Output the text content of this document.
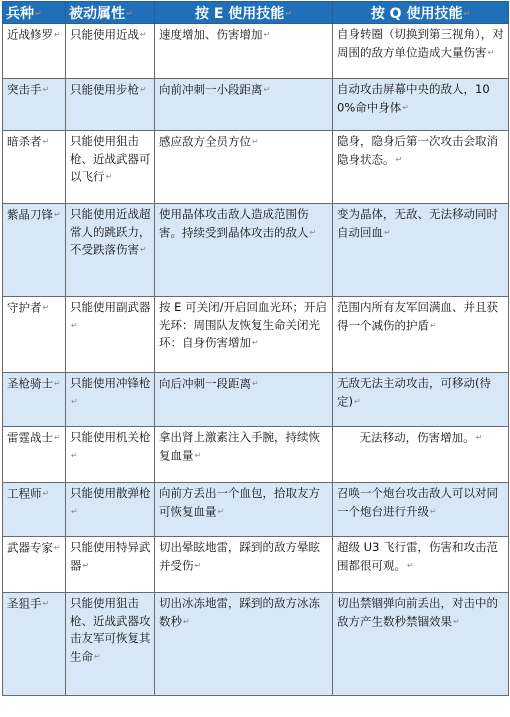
兵种↵	被动属性↵	按 E 使用技能↵	按 Q 使用技能↵
近战修罗↵	只能使用近战↵	速度增加、伤害增加↵	自身转圈（切换到第三视角），对周围的敌方单位造成大量伤害↵
突击手↵	只能使用步枪↵	向前冲刺一小段距离↵	自动攻击屏幕中央的敌人，100%命中身体↵
暗杀者↵	只能使用狙击枪、近战武器可以飞行↵	感应敌方全员方位↵	隐身，隐身后第一次攻击会取消隐身状态。↵
紫晶刀锋↵	只能使用近战超常人的跳跃力，不受跌落伤害↵	使用晶体攻击敌人造成范围伤害。持续受到晶体攻击的敌人↵	变为晶体，无敌、无法移动同时自动回血↵
守护者↵	只能使用副武器↵	按 E 可关闭/开启回血光环；开启光环：周围队友恢复生命关闭光环：自身伤害增加↵	范围内所有友军回满血、并且获得一个减伤的护盾↵
圣枪骑士↵	只能使用冲锋枪↵	向后冲刺一段距离↵	无敌无法主动攻击，可移动(待定)↵
雷霆战士↵	只能使用机关枪↵	拿出肾上激素注入手腕，持续恢复血量↵	无法移动，伤害增加。↵
工程师↵	只能使用散弹枪↵	向前方丢出一个血包，拾取友方可恢复血量↵	召唤一个炮台攻击敌人可以对同一个炮台进行升级↵
武器专家↵	只能使用特异武器↵	切出晕眩地雷，踩到的敌方晕眩并受伤↵	超级 U3 飞行雷，伤害和攻击范围都很可观。↵
圣狙手↵	只能使用狙击枪、近战武器攻击友军可恢复其生命↵	切出冰冻地雷，踩到的敌方冰冻数秒↵	切出禁锢弹向前丢出，对击中的敌方产生数秒禁锢效果↵
